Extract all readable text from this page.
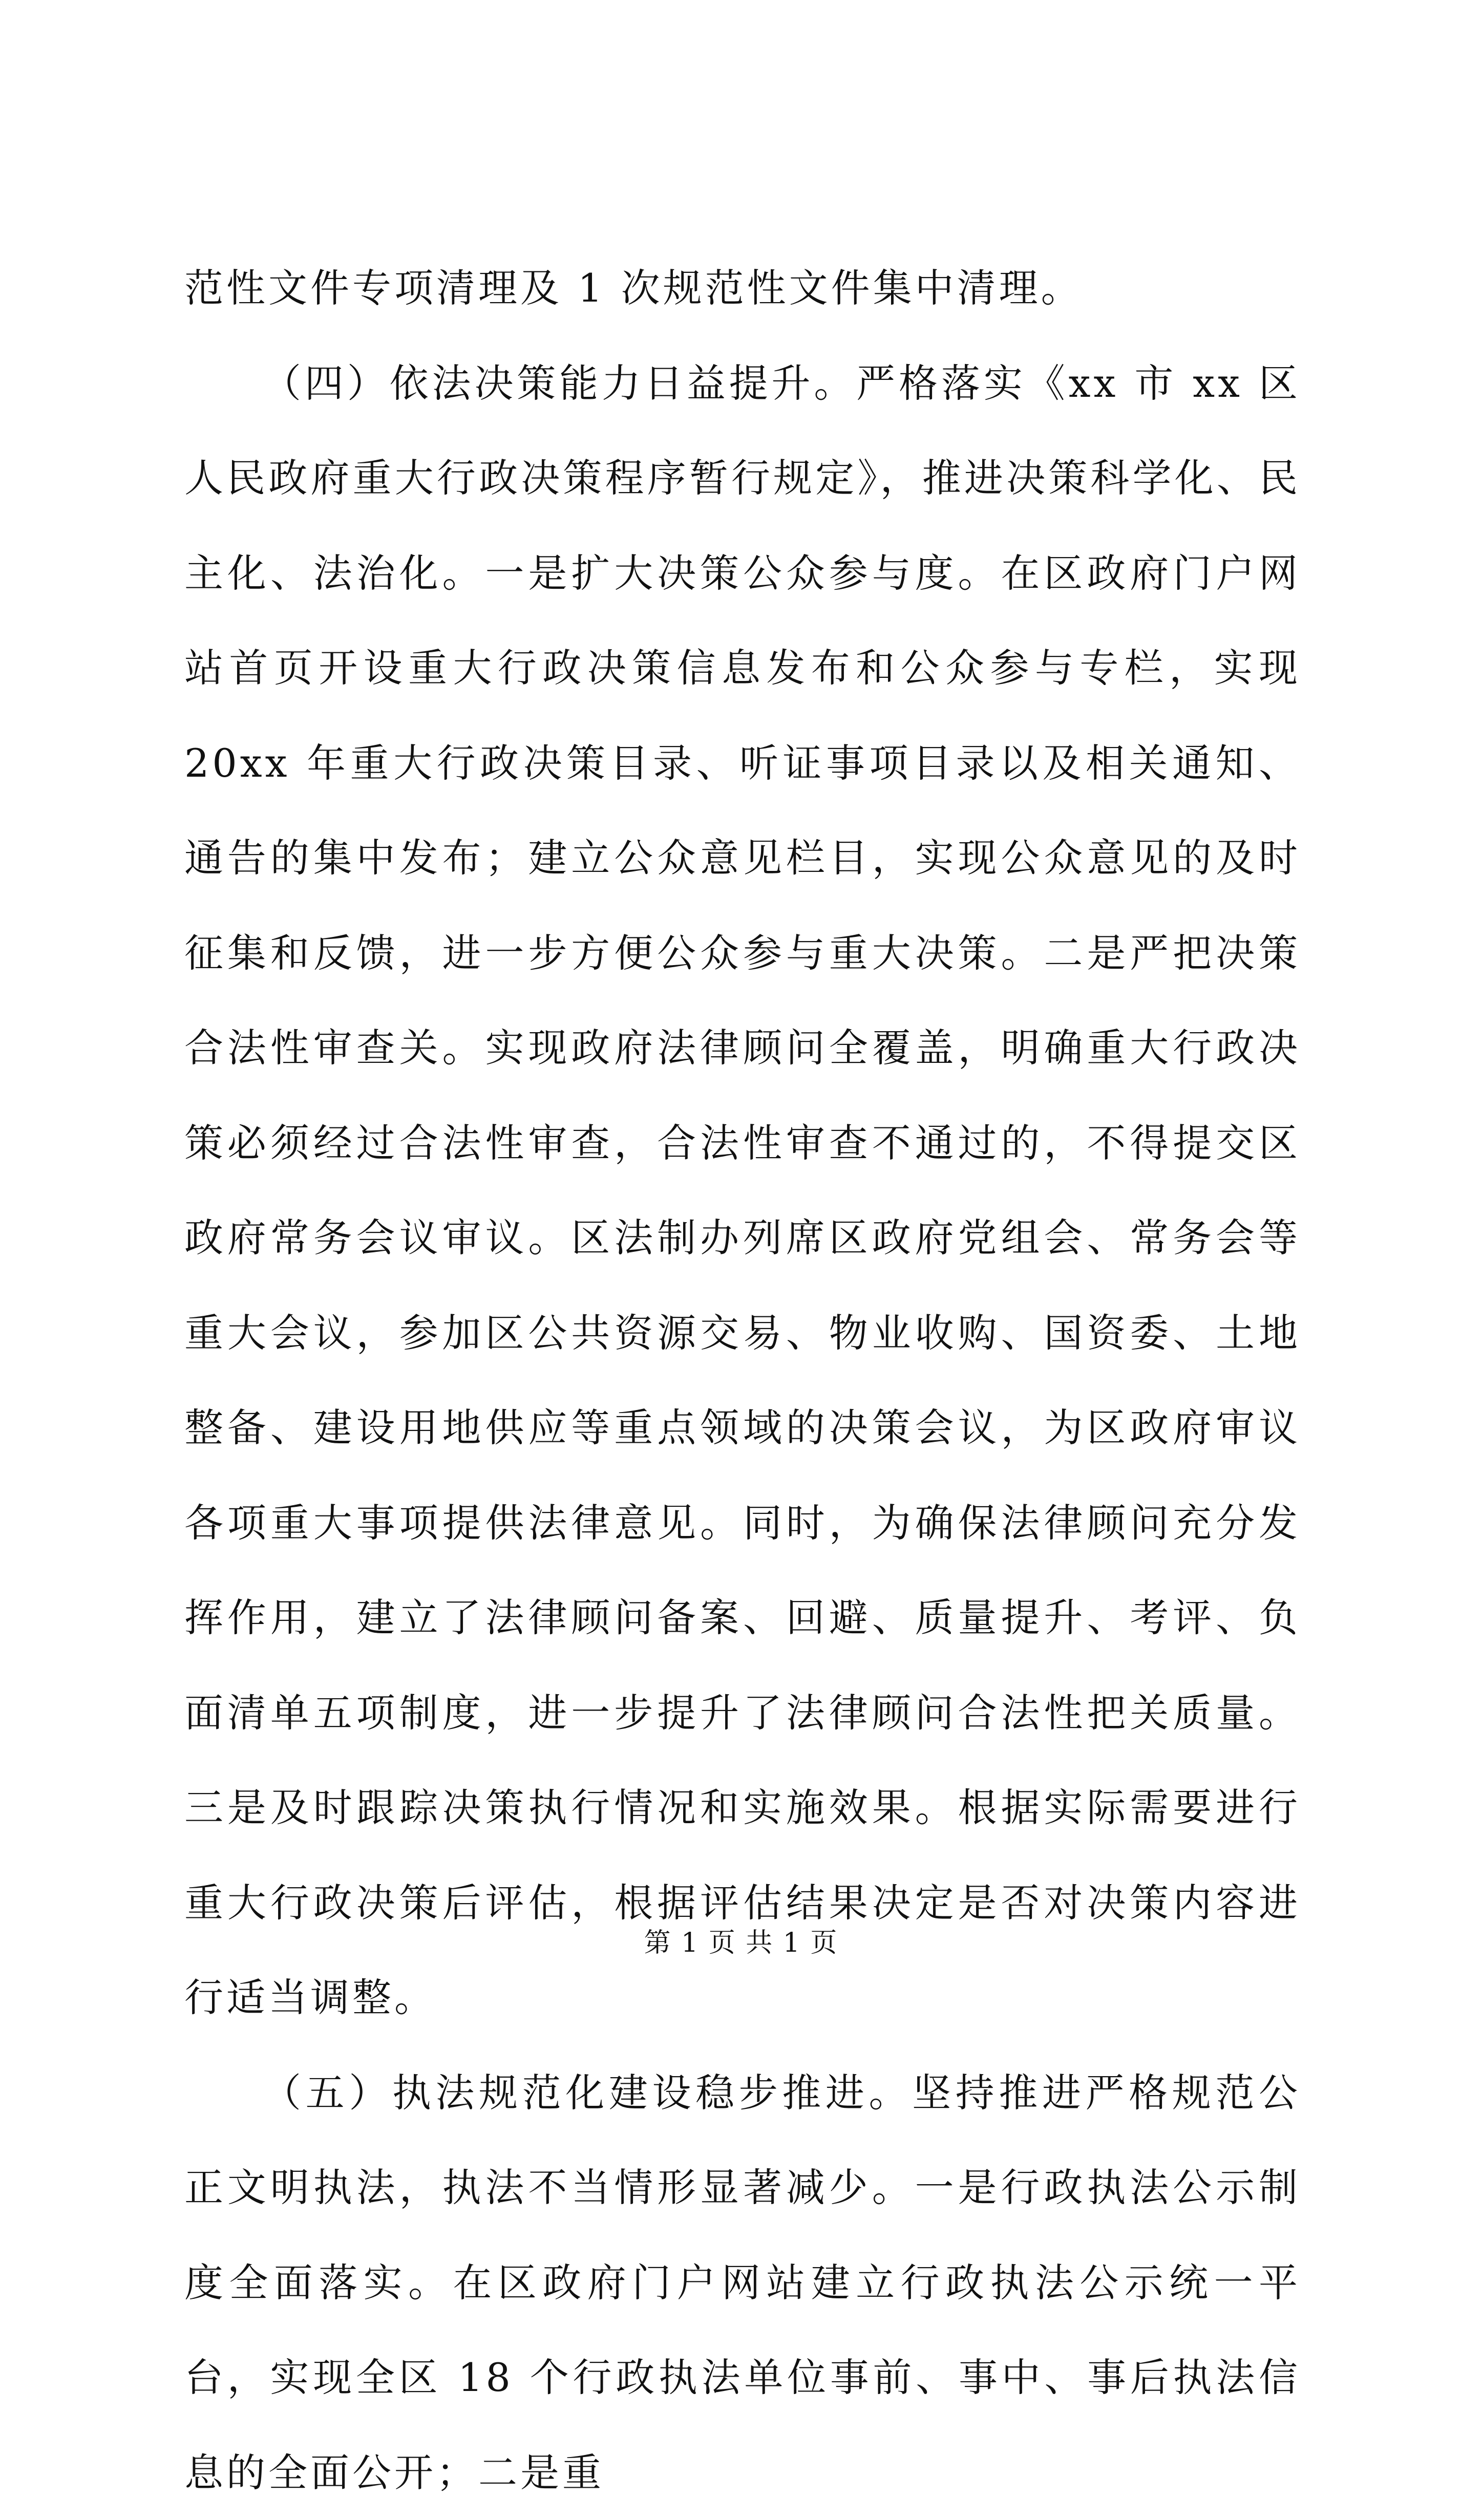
范性文件专项清理及 1 次规范性文件集中清理。

（四）依法决策能力日益提升。严格落实《xx 市 xx 区人民政府重大行政决策程序暂行规定》，推进决策科学化、民主化、法治化。一是扩大决策公众参与度。在区政府门户网站首页开设重大行政决策信息发布和公众参与专栏，实现 20xx 年重大行政决策目录、听证事项目录以及相关通知、通告的集中发布；建立公众意见栏目，实现公众意见的及时征集和反馈，进一步方便公众参与重大决策。二是严把决策合法性审查关。实现政府法律顾问全覆盖，明确重大行政决策必须经过合法性审查，合法性审查不通过的，不得提交区政府常务会议审议。区法制办列席区政府党组会、常务会等重大会议，参加区公共资源交易、物业收购、国资委、土地整备、建设用地供应等重点领域的决策会议，为区政府审议各项重大事项提供法律意见。同时，为确保法律顾问充分发挥作用，建立了法律顾问备案、回避、质量提升、考评、负面清单五项制度，进一步提升了法律顾问合法性把关质量。三是及时跟踪决策执行情况和实施效果。根据实际需要进行重大行政决策后评估，根据评估结果决定是否对决策内容进行适当调整。

（五）执法规范化建设稳步推进。坚持推进严格规范公正文明执法，执法不当情形显著减少。一是行政执法公示制度全面落实。在区政府门户网站建立行政执法公示统一平台，实现全区 18 个行政执法单位事前、事中、事后执法信息的全面公开；二是重

第 1 页 共 1 页
